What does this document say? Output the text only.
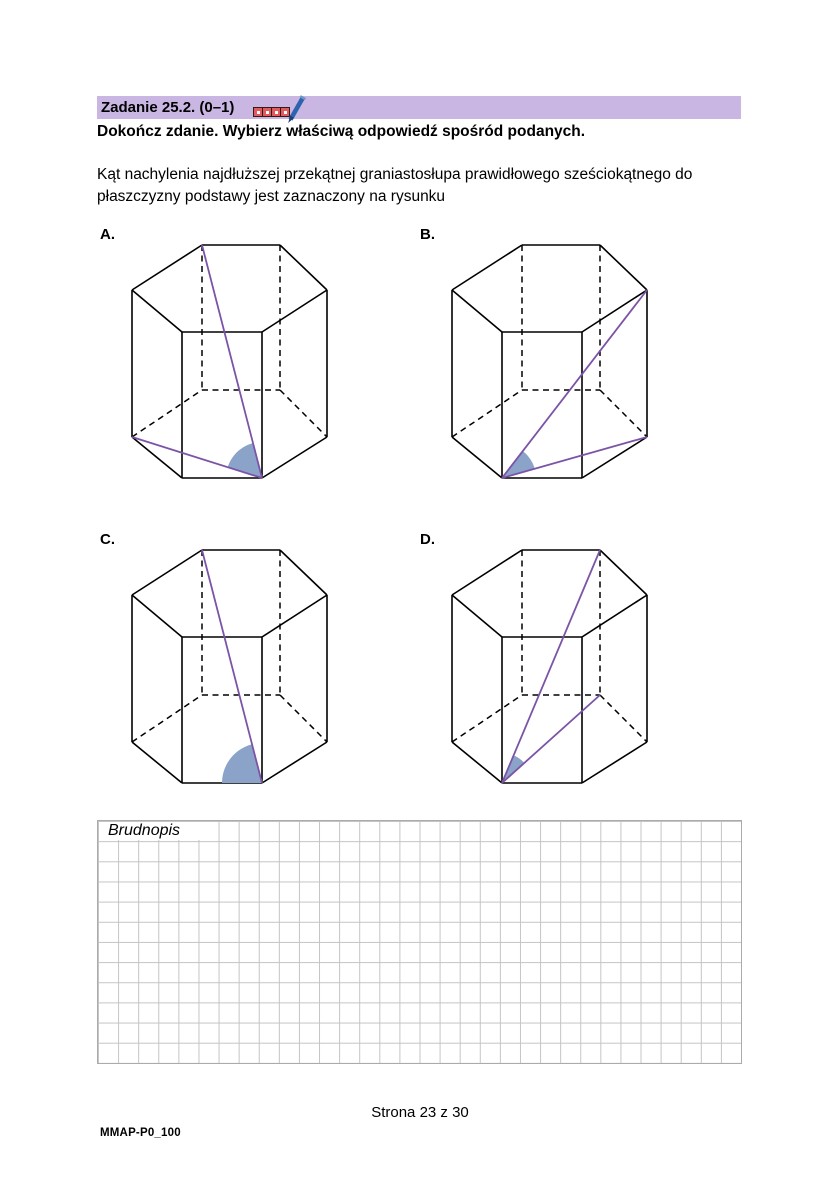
Zadanie 25.2. (0–1)
Dokończ zdanie. Wybierz właściwą odpowiedź spośród podanych.
Kąt nachylenia najdłuższej przekątnej graniastosłupa prawidłowego sześciokątnego do
płaszczyzny podstawy jest zaznaczony na rysunku
A.	B.
C.	D.
Brudnopis
Strona 23 z 30
MMAP-P0_100
